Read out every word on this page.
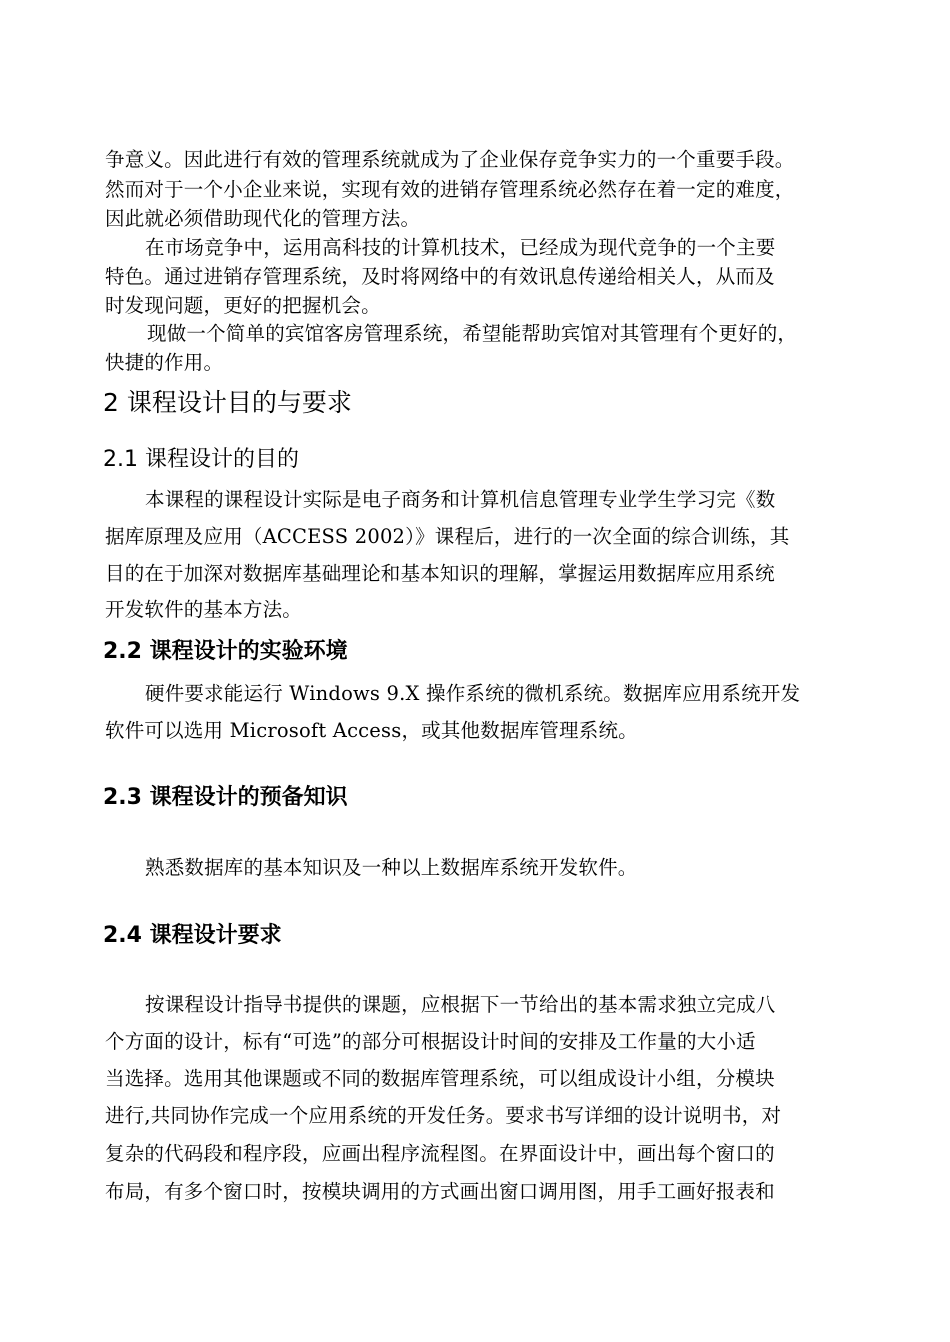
争意义。因此进行有效的管理系统就成为了企业保存竞争实力的一个重要手段。
然而对于一个小企业来说，实现有效的进销存管理系统必然存在着一定的难度，
因此就必须借助现代化的管理方法。
在市场竞争中，运用高科技的计算机技术，已经成为现代竞争的一个主要
特色。通过进销存管理系统，及时将网络中的有效讯息传递给相关人，从而及
时发现问题，更好的把握机会。
现做一个简单的宾馆客房管理系统，希望能帮助宾馆对其管理有个更好的，
快捷的作用。
2 课程设计目的与要求
2.1 课程设计的目的
本课程的课程设计实际是电子商务和计算机信息管理专业学生学习完《数
据库原理及应用（ACCESS 2002）》课程后，进行的一次全面的综合训练，其
目的在于加深对数据库基础理论和基本知识的理解，掌握运用数据库应用系统
开发软件的基本方法。
2.2 课程设计的实验环境
硬件要求能运行 Windows 9.X 操作系统的微机系统。数据库应用系统开发
软件可以选用 Microsoft Access，或其他数据库管理系统。
2.3 课程设计的预备知识
熟悉数据库的基本知识及一种以上数据库系统开发软件。
2.4 课程设计要求
按课程设计指导书提供的课题，应根据下一节给出的基本需求独立完成八
个方面的设计，标有“可选”的部分可根据设计时间的安排及工作量的大小适
当选择。选用其他课题或不同的数据库管理系统，可以组成设计小组，分模块
进行,共同协作完成一个应用系统的开发任务。要求书写详细的设计说明书，对
复杂的代码段和程序段，应画出程序流程图。在界面设计中，画出每个窗口的
布局，有多个窗口时，按模块调用的方式画出窗口调用图，用手工画好报表和
